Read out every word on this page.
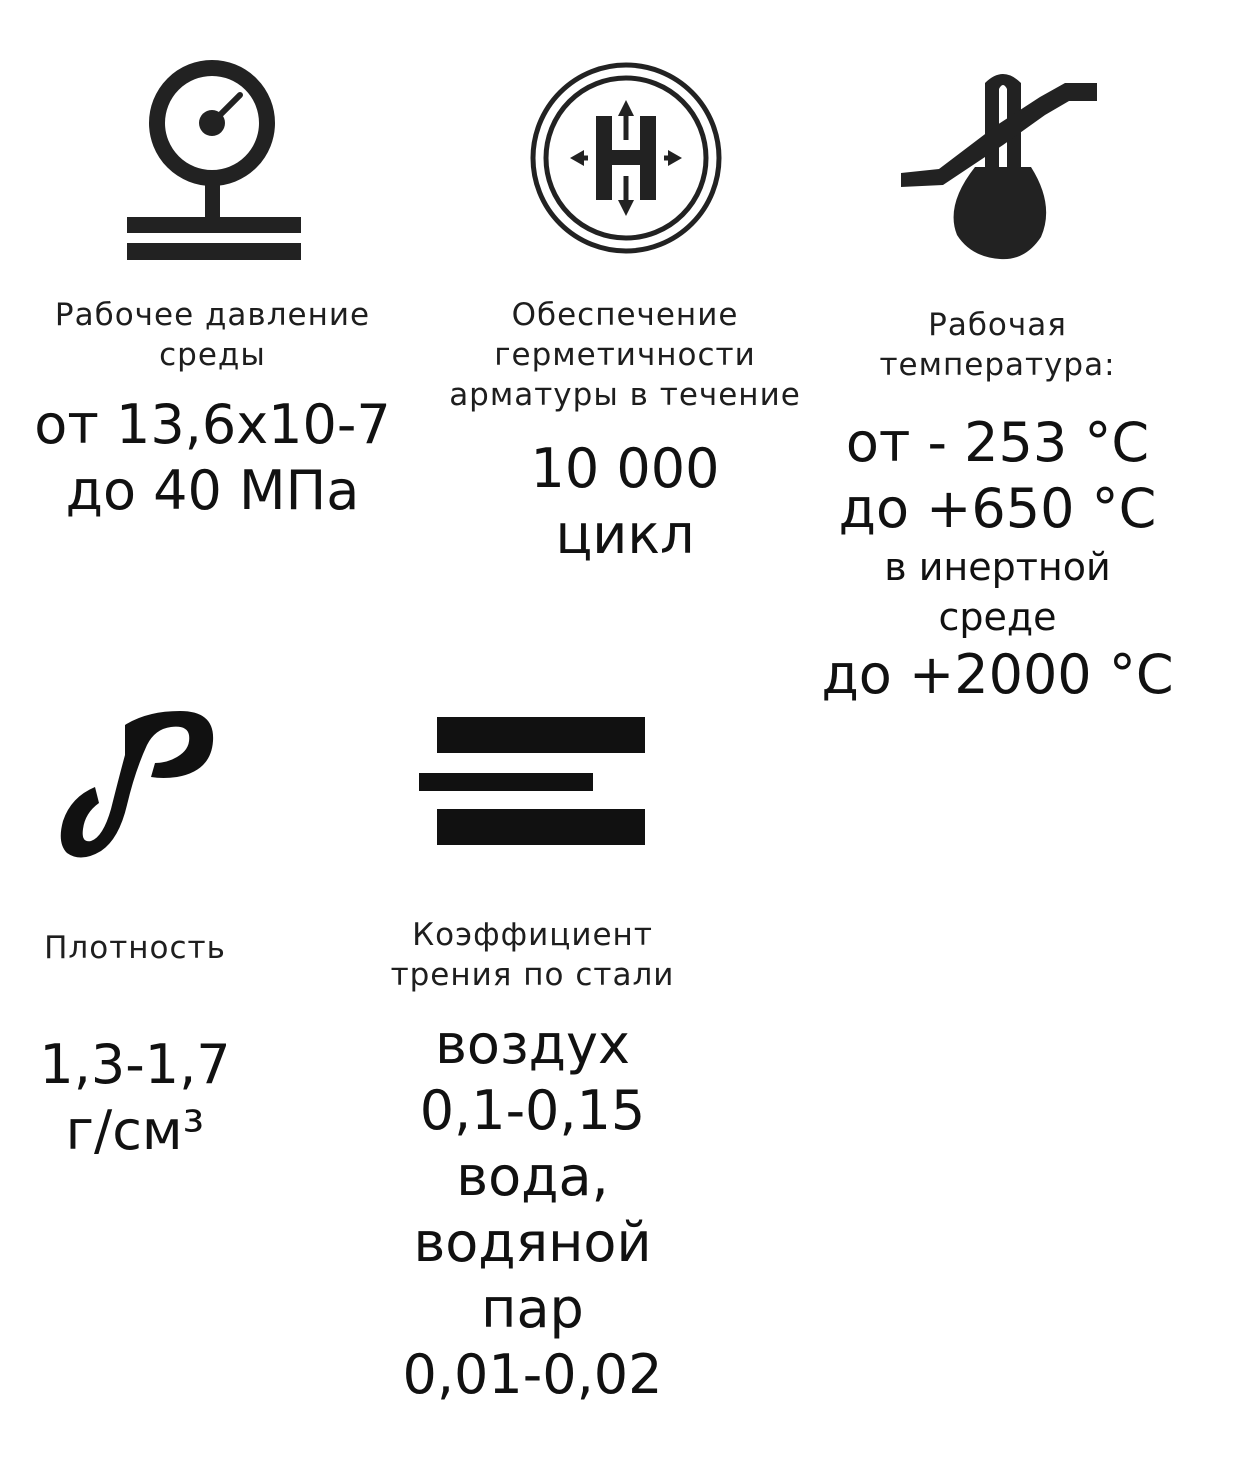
Рабочее давление
среды
от 13,6х10-7
до 40 МПа
Обеспечение
герметичности
арматуры в течение
10 000
цикл
Рабочая
температура:
от - 253 °С
до +650 °С
в инертной
среде
до +2000 °С
Плотность
1,3-1,7
г/см³
Коэффициент
трения по стали
воздух
0,1-0,15
вода,
водяной
пар
0,01-0,02
